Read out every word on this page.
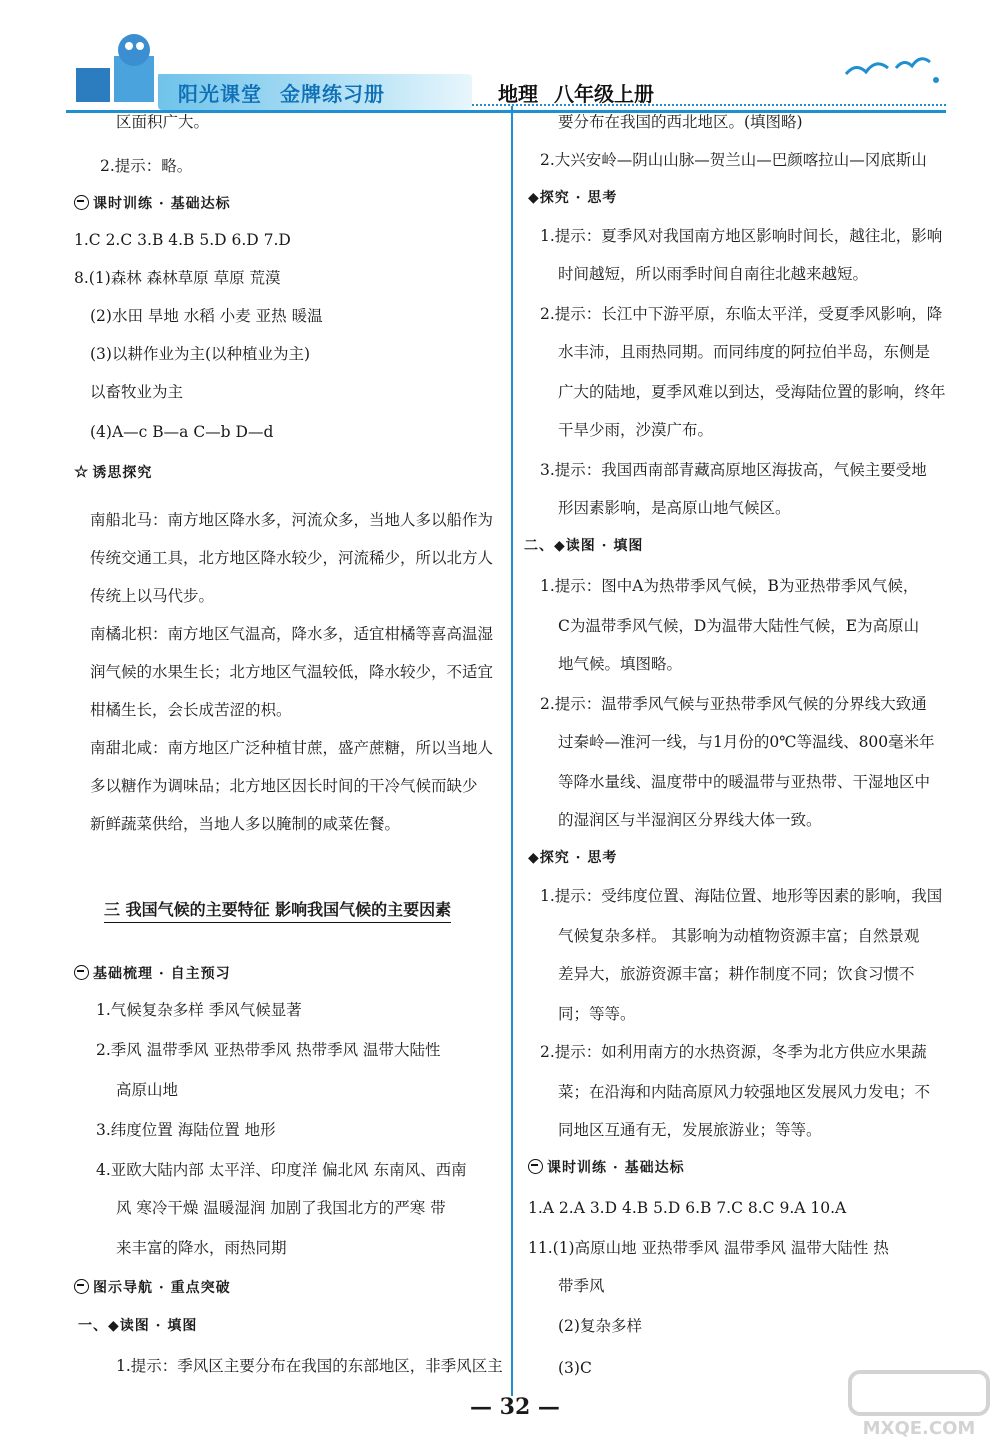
阳光课堂 金牌练习册	地理 八年级上册
区面积广大。
2.提示：略。
课时训练 · 基础达标
1.C 2.C 3.B 4.B 5.D 6.D 7.D
8.(1)森林 森林草原 草原 荒漠
(2)水田 旱地 水稻 小麦 亚热 暖温
(3)以耕作业为主(以种植业为主)
以畜牧业为主
(4)A—c B—a C—b D—d
☆ 诱思探究
南船北马：南方地区降水多，河流众多，当地人多以船作为
传统交通工具，北方地区降水较少，河流稀少，所以北方人
传统上以马代步。
南橘北枳：南方地区气温高，降水多，适宜柑橘等喜高温湿
润气候的水果生长；北方地区气温较低，降水较少，不适宜
柑橘生长，会长成苦涩的枳。
南甜北咸：南方地区广泛种植甘蔗，盛产蔗糖，所以当地人
多以糖作为调味品；北方地区因长时间的干冷气候而缺少
新鲜蔬菜供给，当地人多以腌制的咸菜佐餐。
三 我国气候的主要特征 影响我国气候的主要因素
基础梳理 · 自主预习
1.气候复杂多样 季风气候显著
2.季风 温带季风 亚热带季风 热带季风 温带大陆性
高原山地
3.纬度位置 海陆位置 地形
4.亚欧大陆内部 太平洋、印度洋 偏北风 东南风、西南
风 寒冷干燥 温暖湿润 加剧了我国北方的严寒 带
来丰富的降水，雨热同期
图示导航 · 重点突破
一、◆读图 · 填图
1.提示：季风区主要分布在我国的东部地区，非季风区主
要分布在我国的西北地区。(填图略)
2.大兴安岭—阴山山脉—贺兰山—巴颜喀拉山—冈底斯山
◆探究 · 思考
1.提示：夏季风对我国南方地区影响时间长，越往北，影响
时间越短，所以雨季时间自南往北越来越短。
2.提示：长江中下游平原，东临太平洋，受夏季风影响，降
水丰沛，且雨热同期。而同纬度的阿拉伯半岛，东侧是
广大的陆地，夏季风难以到达，受海陆位置的影响，终年
干旱少雨，沙漠广布。
3.提示：我国西南部青藏高原地区海拔高，气候主要受地
形因素影响，是高原山地气候区。
二、◆读图 · 填图
1.提示：图中A为热带季风气候，B为亚热带季风气候，
C为温带季风气候，D为温带大陆性气候，E为高原山
地气候。填图略。
2.提示：温带季风气候与亚热带季风气候的分界线大致通
过秦岭—淮河一线，与1月份的0℃等温线、800毫米年
等降水量线、温度带中的暖温带与亚热带、干湿地区中
的湿润区与半湿润区分界线大体一致。
◆探究 · 思考
1.提示：受纬度位置、海陆位置、地形等因素的影响，我国
气候复杂多样。 其影响为动植物资源丰富；自然景观
差异大，旅游资源丰富；耕作制度不同；饮食习惯不
同；等等。
2.提示：如利用南方的水热资源，冬季为北方供应水果蔬
菜；在沿海和内陆高原风力较强地区发展风力发电；不
同地区互通有无，发展旅游业；等等。
课时训练 · 基础达标
1.A 2.A 3.D 4.B 5.D 6.B 7.C 8.C 9.A 10.A
11.(1)高原山地 亚热带季风 温带季风 温带大陆性 热
带季风
(2)复杂多样
(3)C
— 32 —
MXQE.COM
